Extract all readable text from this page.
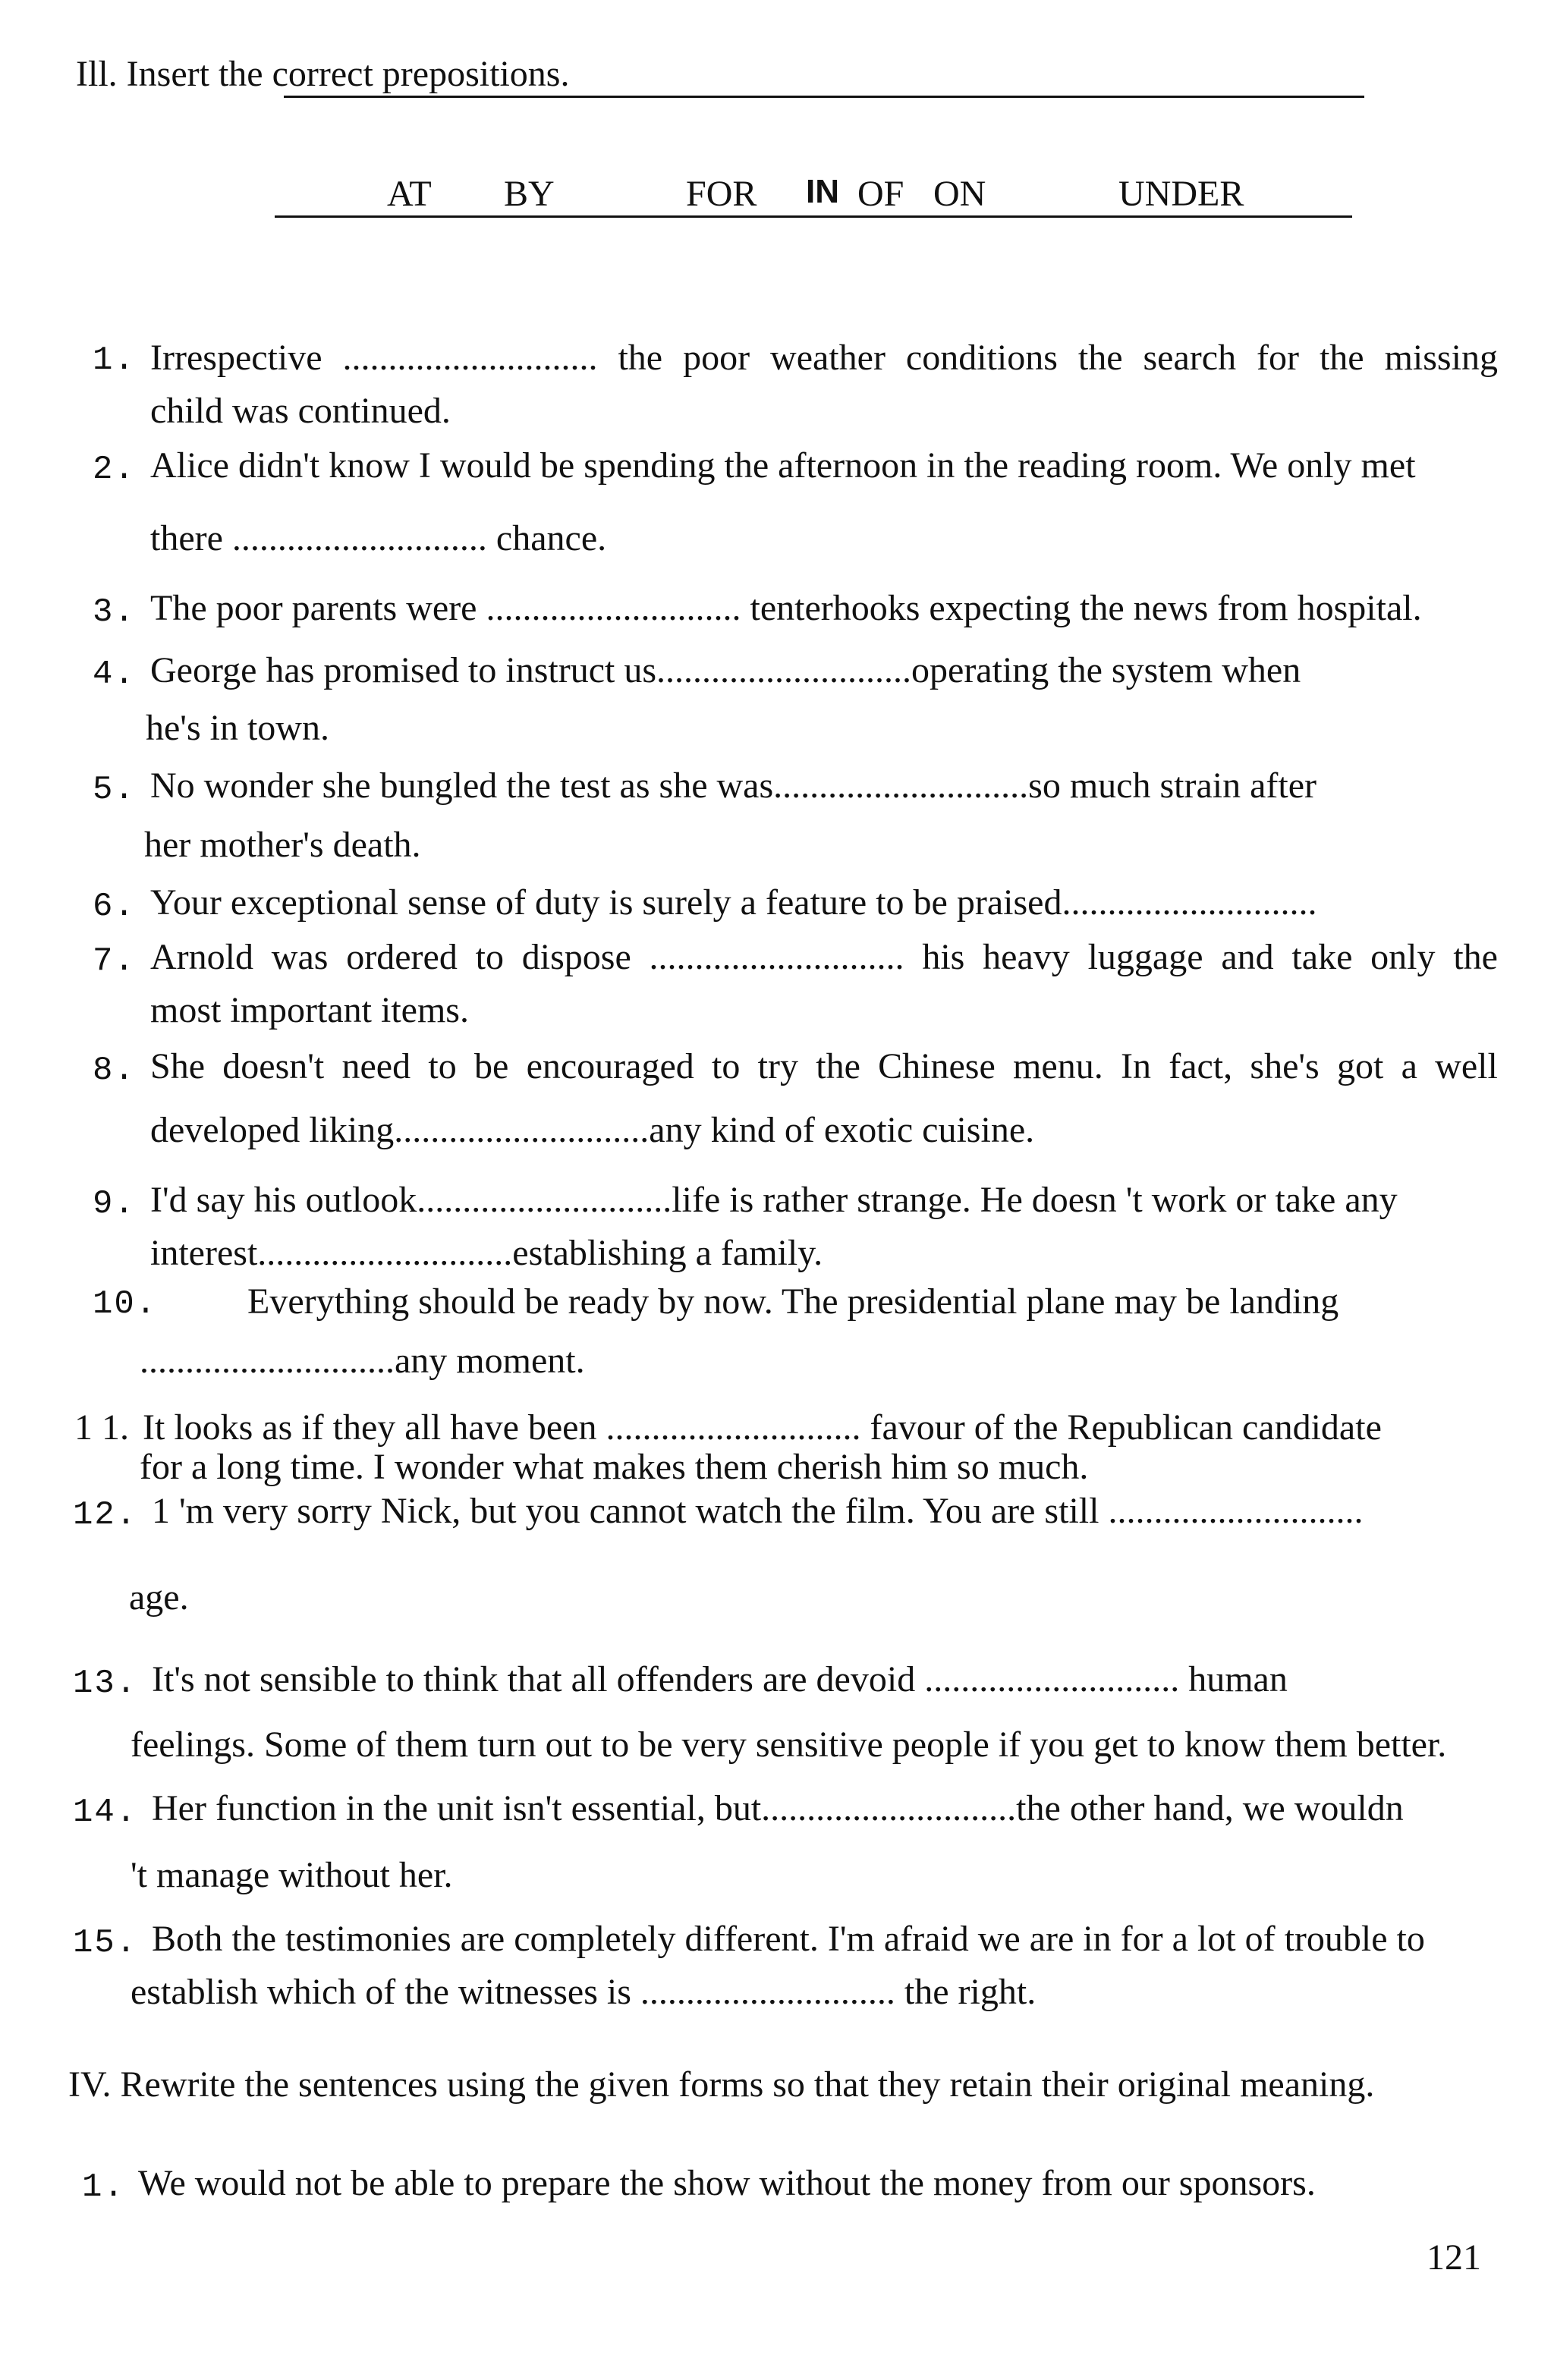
Ill. Insert the correct prepositions.
AT BY	FOR IN OF ON	UNDER
1. Irrespective ............................ the poor weather conditions the search for the missing
child was continued.
2. Alice didn't know I would be spending the afternoon in the reading room. We only met
there ............................ chance.
3. The poor parents were ............................ tenterhooks expecting the news from hospital.
4. George has promised to instruct us............................operating the system when
he's in town.
5. No wonder she bungled the test as she was............................so much strain after
her mother's death.
6. Your exceptional sense of duty is surely a feature to be praised............................
7. Arnold was ordered to dispose ............................ his heavy luggage and take only the
most important items.
8. She doesn't need to be encouraged to try the Chinese menu. In fact, she's got a well
developed liking............................any kind of exotic cuisine.
9. I'd say his outlook............................life is rather strange. He doesn 't work or take any
interest............................establishing a family.
10. Everything should be ready by now. The presidential plane may be landing
............................any moment.
1 1. It looks as if they all have been ............................ favour of the Republican candidate
for a long time. I wonder what makes them cherish him so much.
12. 1 'm very sorry Nick, but you cannot watch the film. You are still ............................
age.
13. It's not sensible to think that all offenders are devoid ............................ human
feelings. Some of them turn out to be very sensitive people if you get to know them better.
14. Her function in the unit isn't essential, but............................the other hand, we wouldn
't manage without her.
15. Both the testimonies are completely different. I'm afraid we are in for a lot of trouble to
establish which of the witnesses is ............................ the right.
IV. Rewrite the sentences using the given forms so that they retain their original meaning.
1. We would not be able to prepare the show without the money from our sponsors.
121
